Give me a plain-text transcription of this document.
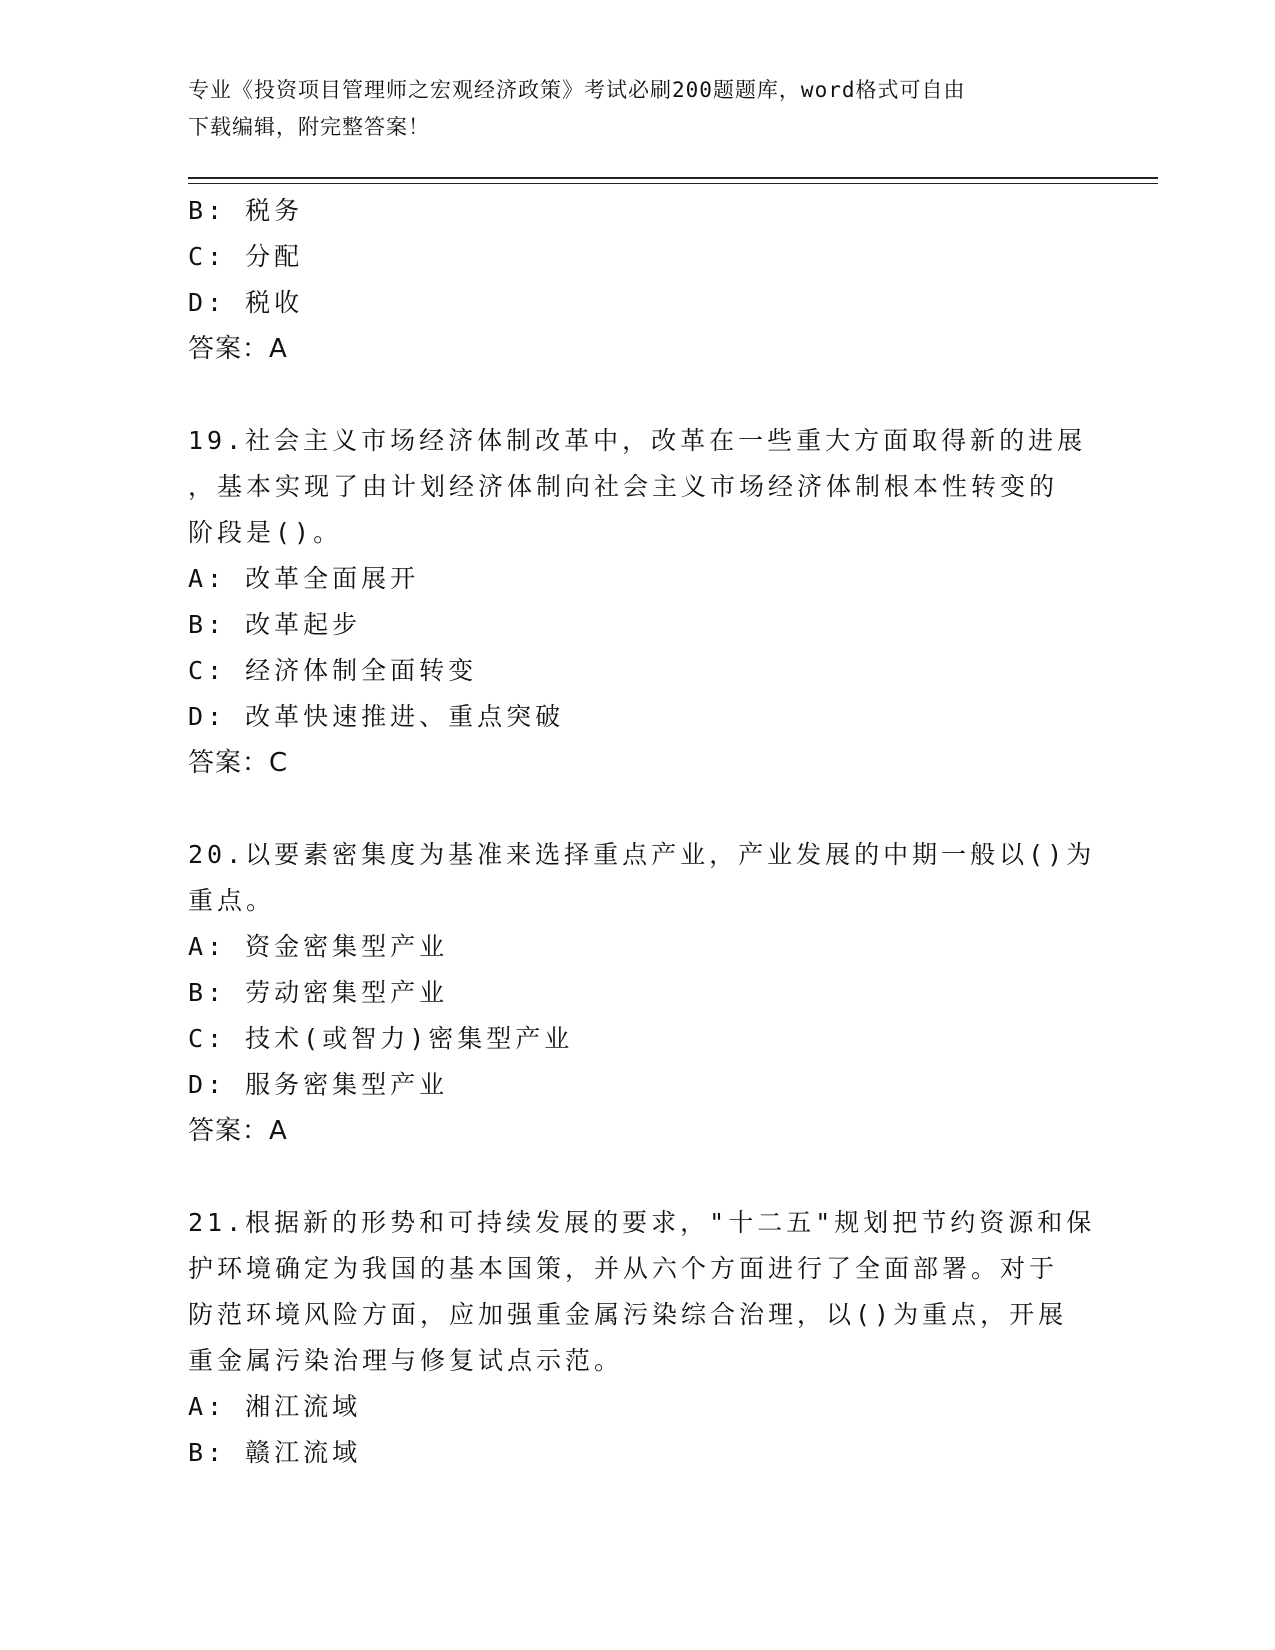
专业《投资项目管理师之宏观经济政策》考试必刷200题题库，word格式可自由
下载编辑，附完整答案！
B: 税务
C: 分配
D: 税收
答案：A
19.社会主义市场经济体制改革中，改革在一些重大方面取得新的进展
，基本实现了由计划经济体制向社会主义市场经济体制根本性转变的
阶段是()。
A: 改革全面展开
B: 改革起步
C: 经济体制全面转变
D: 改革快速推进、重点突破
答案：C
20.以要素密集度为基准来选择重点产业，产业发展的中期一般以()为
重点。
A: 资金密集型产业
B: 劳动密集型产业
C: 技术(或智力)密集型产业
D: 服务密集型产业
答案：A
21.根据新的形势和可持续发展的要求，"十二五"规划把节约资源和保
护环境确定为我国的基本国策，并从六个方面进行了全面部署。对于
防范环境风险方面，应加强重金属污染综合治理，以()为重点，开展
重金属污染治理与修复试点示范。
A: 湘江流域
B: 赣江流域
